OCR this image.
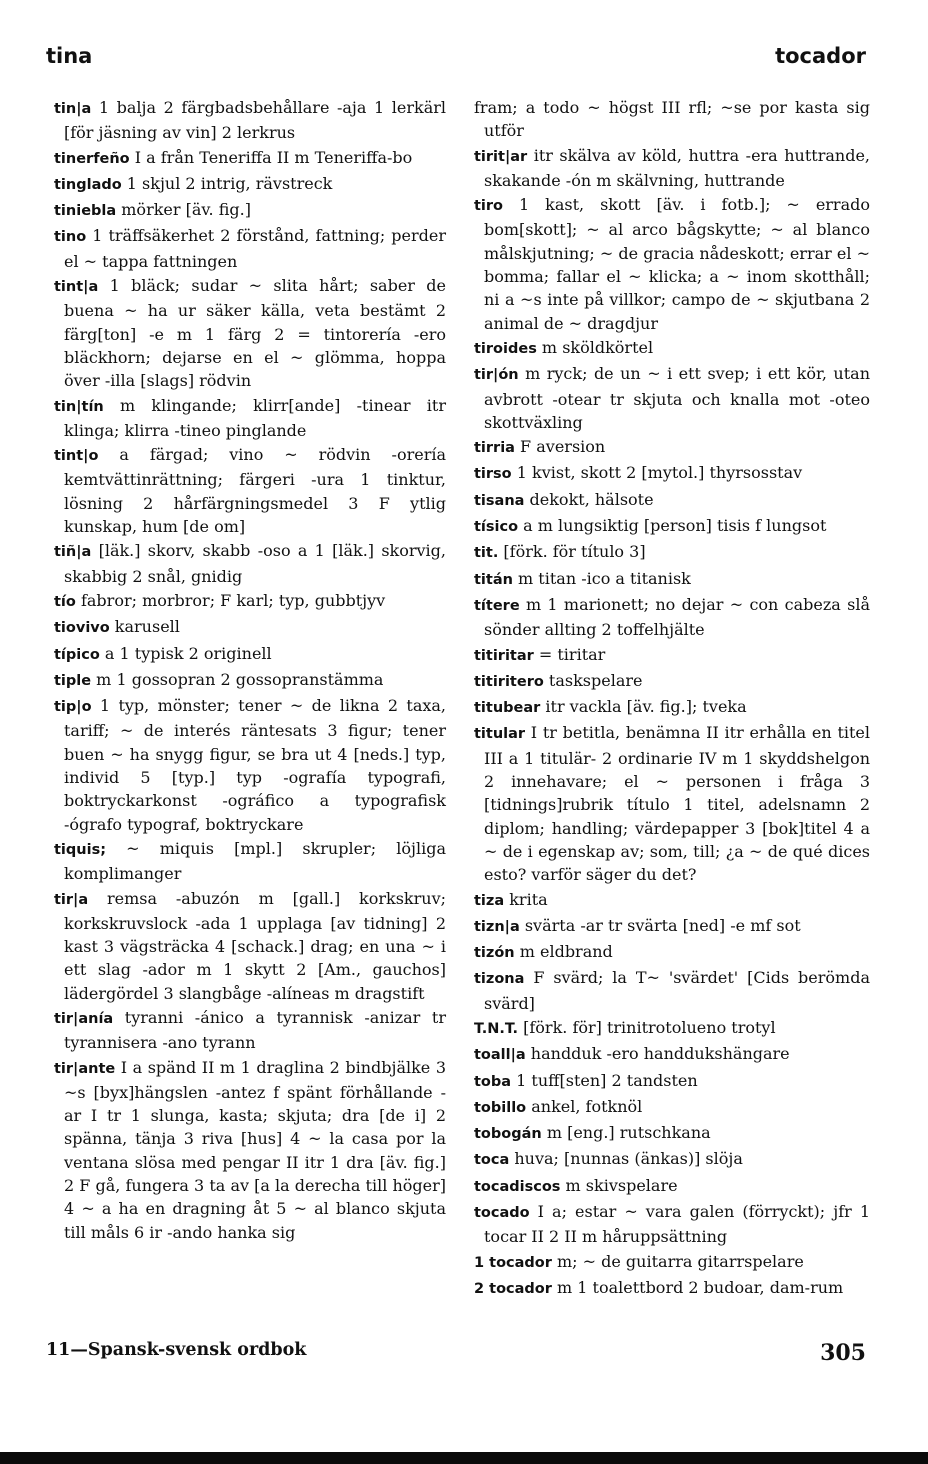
tina	tocador

tin|a 1 balja 2 färgbadsbehållare -aja 1 lerkärl [för jäsning av vin] 2 lerkrus

tinerfeño I a från Teneriffa II m Teneriffa-bo

tinglado 1 skjul 2 intrig, rävstreck

tiniebla mörker [äv. fig.]

tino 1 träffsäkerhet 2 förstånd, fattning; perder el ~ tappa fattningen

tint|a 1 bläck; sudar ~ slita hårt; saber de buena ~ ha ur säker källa, veta bestämt 2 färg[ton] -e m 1 färg 2 = tintorería -ero bläckhorn; dejarse en el ~ glömma, hoppa över -illa [slags] rödvin

tin|tín m klingande; klirr[ande] -tinear itr klinga; klirra -tineo pinglande

tint|o a färgad; vino ~ rödvin -orería kemtvättinrättning; färgeri -ura 1 tinktur, lösning 2 hårfärgningsmedel 3 F ytlig kunskap, hum [de om]

tiñ|a [läk.] skorv, skabb -oso a 1 [läk.] skorvig, skabbig 2 snål, gnidig

tío fabror; morbror; F karl; typ, gubbtjyv

tiovivo karusell

típico a 1 typisk 2 originell

tiple m 1 gossopran 2 gossopranstämma

tip|o 1 typ, mönster; tener ~ de likna 2 taxa, tariff; ~ de interés räntesats 3 figur; tener buen ~ ha snygg figur, se bra ut 4 [neds.] typ, individ 5 [typ.] typ -ografía typografi, boktryckarkonst -ográfico a typografisk -ógrafo typograf, boktryckare

tiquis; ~ miquis [mpl.] skrupler; löjliga komplimanger

tir|a remsa -abuzón m [gall.] korkskruv; korkskruvslock -ada 1 upplaga [av tidning] 2 kast 3 vägsträcka 4 [schack.] drag; en una ~ i ett slag -ador m 1 skytt 2 [Am., gauchos] lädergördel 3 slangbåge -alíneas m dragstift

tir|anía tyranni -ánico a tyrannisk -anizar tr tyrannisera -ano tyrann

tir|ante I a spänd II m 1 draglina 2 bindbjälke 3 ~s [byx]hängslen -antez f spänt förhållande -ar I tr 1 slunga, kasta; skjuta; dra [de i] 2 spänna, tänja 3 riva [hus] 4 ~ la casa por la ventana slösa med pengar II itr 1 dra [äv. fig.] 2 F gå, fungera 3 ta av [a la derecha till höger] 4 ~ a ha en dragning åt 5 ~ al blanco skjuta till måls 6 ir -ando hanka sig

fram; a todo ~ högst III rfl; ~se por kasta sig utför

tirit|ar itr skälva av köld, huttra -era huttrande, skakande -ón m skälvning, huttrande

tiro 1 kast, skott [äv. i fotb.]; ~ errado bom[skott]; ~ al arco bågskytte; ~ al blanco målskjutning; ~ de gracia nådeskott; errar el ~ bomma; fallar el ~ klicka; a ~ inom skotthåll; ni a ~s inte på villkor; campo de ~ skjutbana 2 animal de ~ dragdjur

tiroides m sköldkörtel

tir|ón m ryck; de un ~ i ett svep; i ett kör, utan avbrott -otear tr skjuta och knalla mot -oteo skottväxling

tirria F aversion

tirso 1 kvist, skott 2 [mytol.] thyrsosstav

tisana dekokt, hälsote

tísico a m lungsiktig [person] tisis f lungsot

tit. [förk. för título 3]

titán m titan -ico a titanisk

títere m 1 marionett; no dejar ~ con cabeza slå sönder allting 2 toffelhjälte

titiritar = tiritar

titiritero taskspelare

titubear itr vackla [äv. fig.]; tveka

titular I tr betitla, benämna II itr erhålla en titel III a 1 titulär- 2 ordinarie IV m 1 skyddshelgon 2 innehavare; el ~ personen i fråga 3 [tidnings]rubrik título 1 titel, adelsnamn 2 diplom; handling; värdepapper 3 [bok]titel 4 a ~ de i egenskap av; som, till; ¿a ~ de qué dices esto? varför säger du det?

tiza krita

tizn|a svärta -ar tr svärta [ned] -e mf sot

tizón m eldbrand

tizona F svärd; la T~ 'svärdet' [Cids berömda svärd]

T.N.T. [förk. för] trinitrotolueno trotyl

toall|a handduk -ero handdukshängare

toba 1 tuff[sten] 2 tandsten

tobillo ankel, fotknöl

tobogán m [eng.] rutschkana

toca huva; [nunnas (änkas)] slöja

tocadiscos m skivspelare

tocado I a; estar ~ vara galen (förryckt); jfr 1 tocar II 2 II m håruppsättning

1 tocador m; ~ de guitarra gitarrspelare

2 tocador m 1 toalettbord 2 budoar, dam-rum

11—Spansk-svensk ordbok	305
